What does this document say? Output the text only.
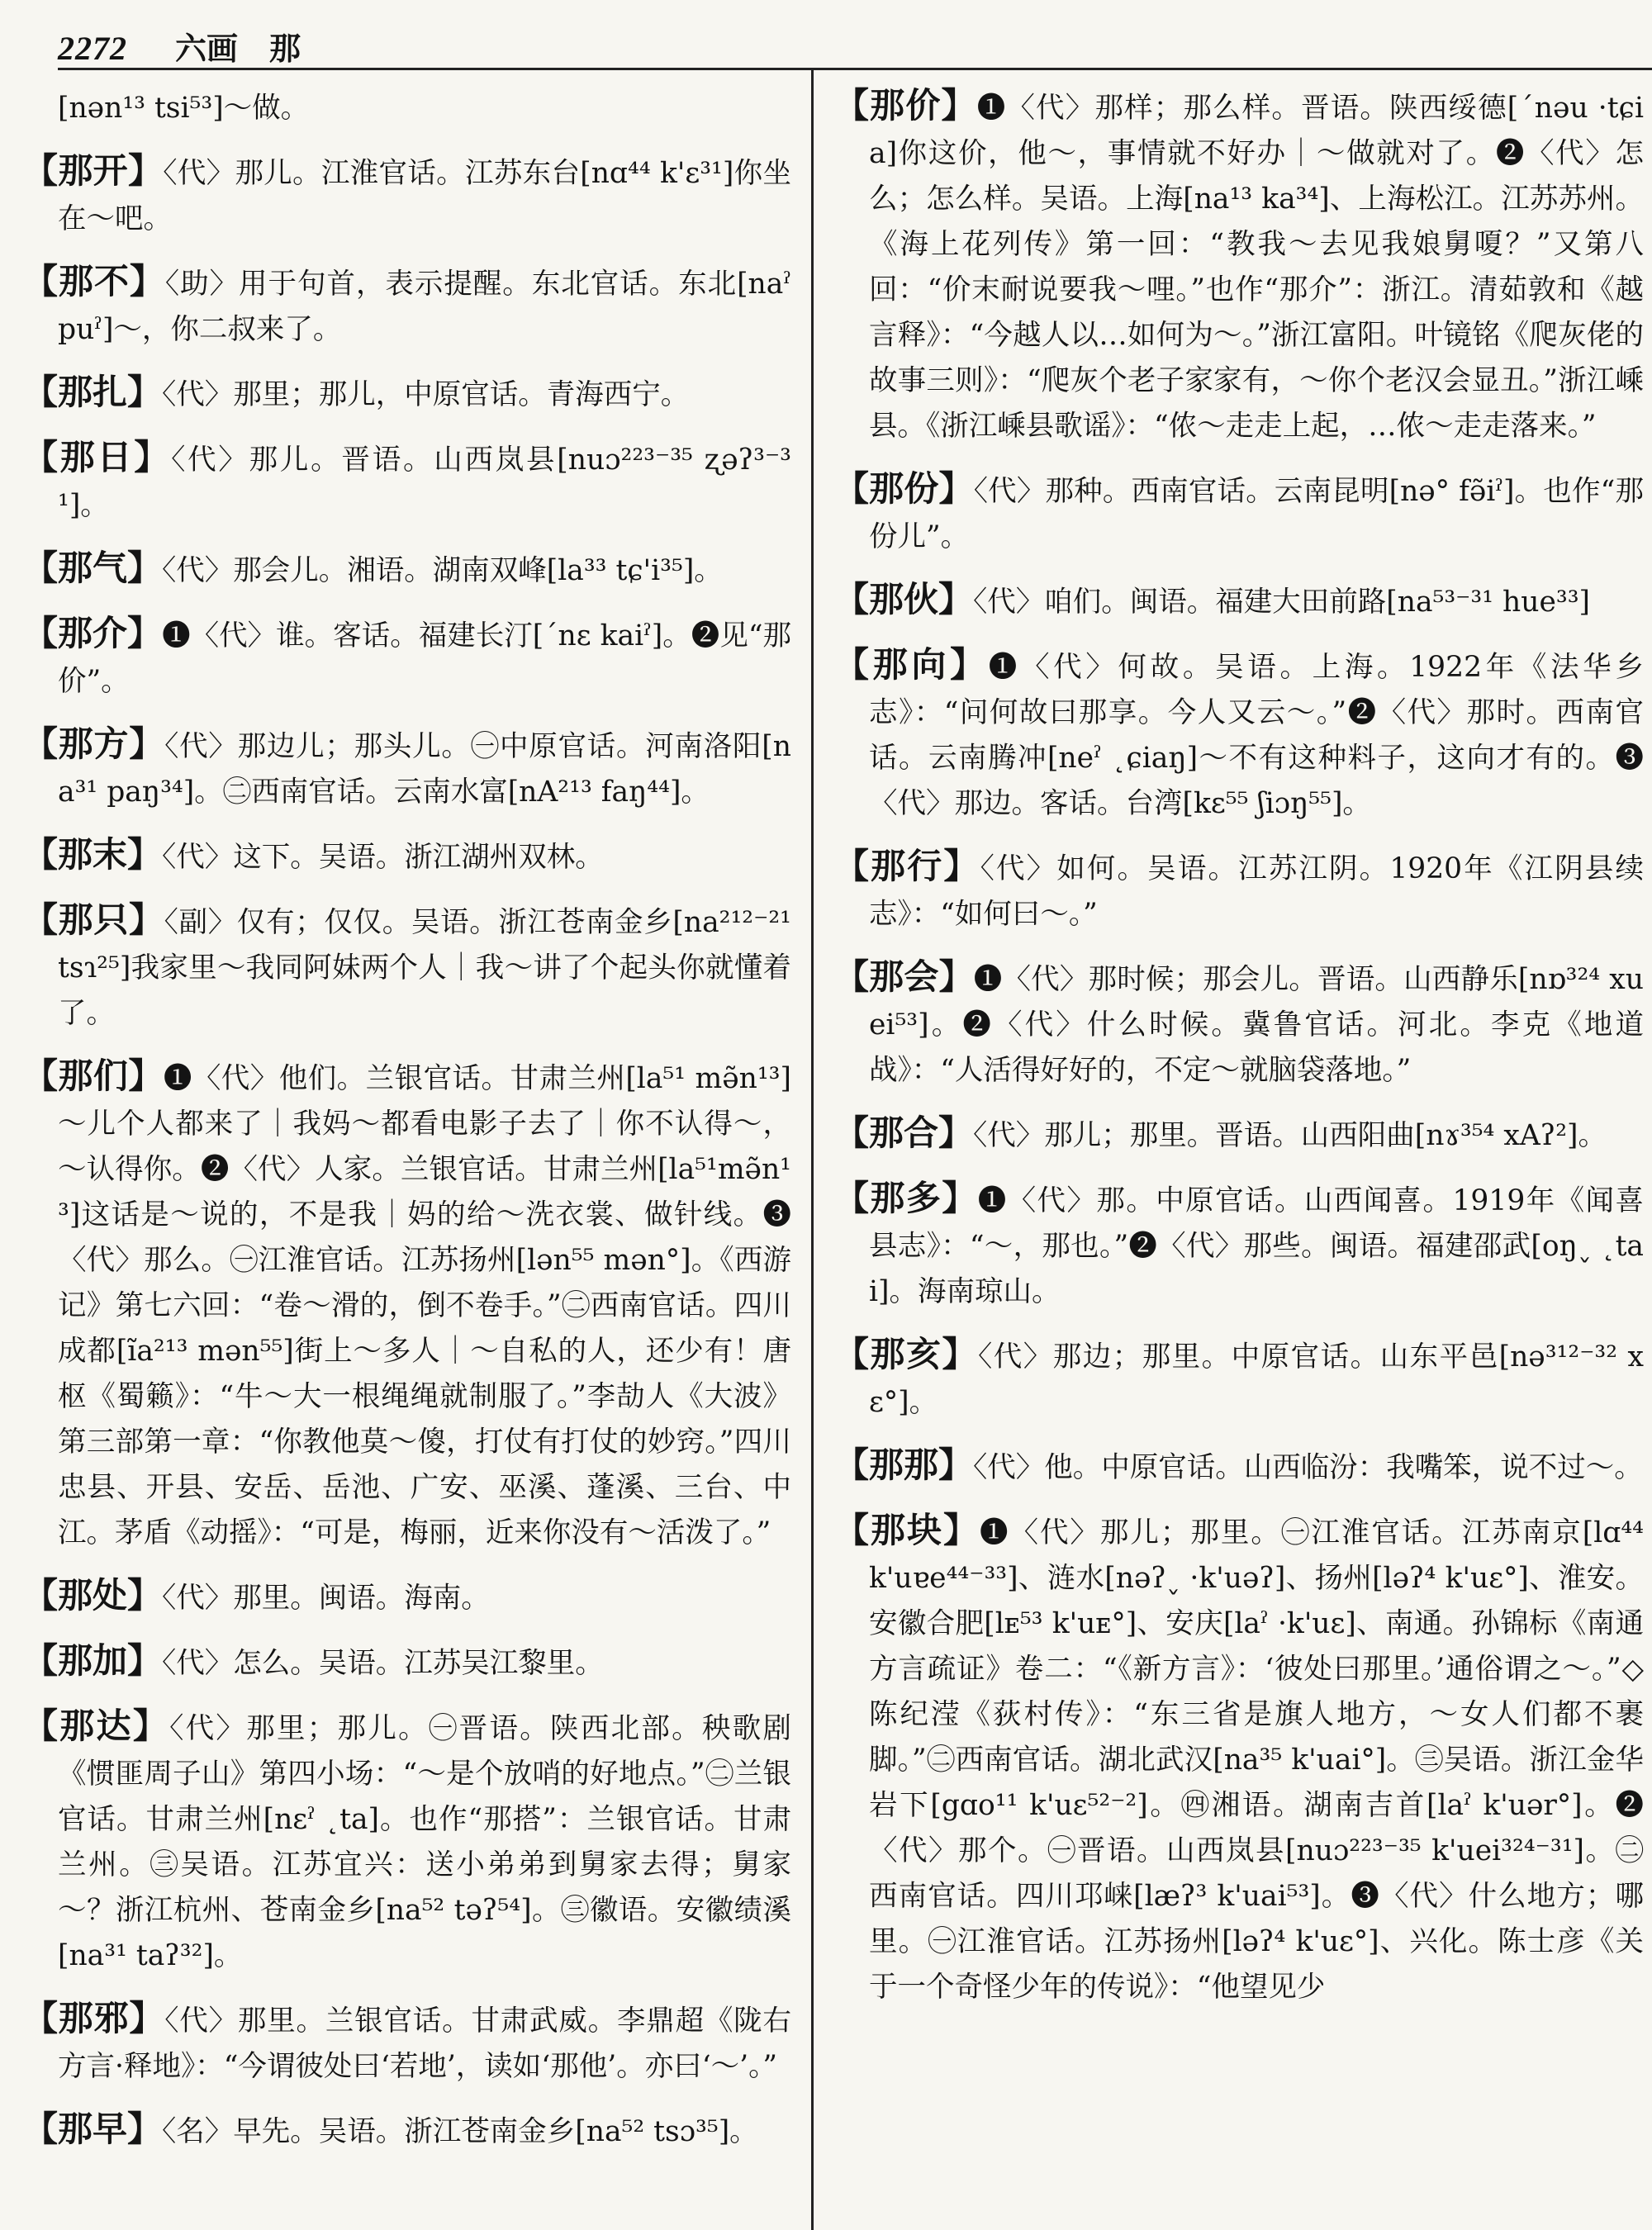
2272 六画　那

[nən¹³ tsi⁵³]～做。

【那开】〈代〉那儿。江淮官话。江苏东台[nɑ⁴⁴ k'ɛ³¹]你坐在～吧。

【那不】〈助〉用于句首，表示提醒。东北官话。东北[naˀ puˀ]～，你二叔来了。

【那扎】〈代〉那里；那儿，中原官话。青海西宁。

【那日】〈代〉那儿。晋语。山西岚县[nuɔ²²³⁻³⁵ ʐəʔ³⁻³¹]。

【那气】〈代〉那会儿。湘语。湖南双峰[la³³ tɕ'i³⁵]。

【那介】❶〈代〉谁。客话。福建长汀[ˊnɛ kaiˀ]。❷见“那价”。

【那方】〈代〉那边儿；那头儿。㊀中原官话。河南洛阳[na³¹ paŋ³⁴]。㊁西南官话。云南水富[nA²¹³ faŋ⁴⁴]。

【那末】〈代〉这下。吴语。浙江湖州双林。

【那只】〈副〉仅有；仅仅。吴语。浙江苍南金乡[na²¹²⁻²¹ tsɿ²⁵]我家里～我同阿妹两个人｜我～讲了个起头你就懂着了。

【那们】❶〈代〉他们。兰银官话。甘肃兰州[la⁵¹ mə̃n¹³]～儿个人都来了｜我妈～都看电影子去了｜你不认得～，～认得你。❷〈代〉人家。兰银官话。甘肃兰州[la⁵¹mə̃n¹³]这话是～说的，不是我｜妈的给～洗衣裳、做针线。❸〈代〉那么。㊀江淮官话。江苏扬州[lən⁵⁵ mən°]。《西游记》第七六回：“卷～滑的，倒不卷手。”㊁西南官话。四川成都[ĩa²¹³ mən⁵⁵]街上～多人｜～自私的人，还少有！唐枢《蜀籁》：“牛～大一根绳绳就制服了。”李劼人《大波》第三部第一章：“你教他莫～傻，打仗有打仗的妙窍。”四川忠县、开县、安岳、岳池、广安、巫溪、蓬溪、三台、中江。茅盾《动摇》：“可是，梅丽，近来你没有～活泼了。”

【那处】〈代〉那里。闽语。海南。

【那加】〈代〉怎么。吴语。江苏吴江黎里。

【那达】〈代〉那里；那儿。㊀晋语。陕西北部。秧歌剧《惯匪周子山》第四小场：“～是个放哨的好地点。”㊁兰银官话。甘肃兰州[nɛˀ ˛ta]。也作“那搭”：兰银官话。甘肃兰州。㊂吴语。江苏宜兴：送小弟弟到舅家去得；舅家～？浙江杭州、苍南金乡[na⁵² təʔ⁵⁴]。㊂徽语。安徽绩溪[na³¹ taʔ³²]。

【那邪】〈代〉那里。兰银官话。甘肃武威。李鼎超《陇右方言·释地》：“今谓彼处曰‘若地’，读如‘那他’。亦曰‘～’。”

【那早】〈名〉早先。吴语。浙江苍南金乡[na⁵² tsɔ³⁵]。

【那价】❶〈代〉那样；那么样。晋语。陕西绥德[ˊnəu ·tɕia]你这价，他～，事情就不好办｜～做就对了。❷〈代〉怎么；怎么样。吴语。上海[na¹³ ka³⁴]、上海松江。江苏苏州。《海上花列传》第一回：“教我～去见我娘舅嗄？”又第八回：“价末耐说要我～哩。”也作“那介”：浙江。清茹敦和《越言释》：“今越人以…如何为～。”浙江富阳。叶镜铭《爬灰佬的故事三则》：“爬灰个老子家家有，～你个老汉会显丑。”浙江嵊县。《浙江嵊县歌谣》：“侬～走走上起，…侬～走走落来。”

【那份】〈代〉那种。西南官话。云南昆明[nə° fə̃iˀ]。也作“那份儿”。

【那伙】〈代〉咱们。闽语。福建大田前路[na⁵³⁻³¹ hue³³]

【那向】❶〈代〉何故。吴语。上海。1922年《法华乡志》：“问何故曰那享。今人又云～。”❷〈代〉那时。西南官话。云南腾冲[neˀ ˛ɕiaŋ]～不有这种料子，这向才有的。❸〈代〉那边。客话。台湾[kɛ⁵⁵ ʃiɔŋ⁵⁵]。

【那行】〈代〉如何。吴语。江苏江阴。1920年《江阴县续志》：“如何曰～。”

【那会】❶〈代〉那时候；那会儿。晋语。山西静乐[nɒ³²⁴ xuei⁵³]。❷〈代〉什么时候。冀鲁官话。河北。李克《地道战》：“人活得好好的，不定～就脑袋落地。”

【那合】〈代〉那儿；那里。晋语。山西阳曲[nɤ³⁵⁴ xAʔ²]。

【那多】❶〈代〉那。中原官话。山西闻喜。1919年《闻喜县志》：“～，那也。”❷〈代〉那些。闽语。福建邵武[oŋ˯ ˛tai]。海南琼山。

【那亥】〈代〉那边；那里。中原官话。山东平邑[nə³¹²⁻³² xɛ°]。

【那那】〈代〉他。中原官话。山西临汾：我嘴笨，说不过～。

【那块】❶〈代〉那儿；那里。㊀江淮官话。江苏南京[lɑ⁴⁴ k'uɐe⁴⁴⁻³³]、涟水[nəʔ˯ ·k'uəʔ]、扬州[ləʔ⁴ k'uɛ°]、淮安。安徽合肥[lᴇ⁵³ k'uᴇ°]、安庆[laˀ ·k'uɛ]、南通。孙锦标《南通方言疏证》卷二：“《新方言》：‘彼处曰那里。’通俗谓之～。”◇陈纪滢《荻村传》：“东三省是旗人地方，～女人们都不裹脚。”㊁西南官话。湖北武汉[na³⁵ k'uai°]。㊂吴语。浙江金华岩下[gɑo¹¹ k'uɛ⁵²⁻²]。㊃湘语。湖南吉首[laˀ k'uər°]。❷〈代〉那个。㊀晋语。山西岚县[nuɔ²²³⁻³⁵ k'uei³²⁴⁻³¹]。㊁西南官话。四川邛崃[læʔ³ k'uai⁵³]。❸〈代〉什么地方；哪里。㊀江淮官话。江苏扬州[ləʔ⁴ k'uɛ°]、兴化。陈士彦《关于一个奇怪少年的传说》：“他望见少
